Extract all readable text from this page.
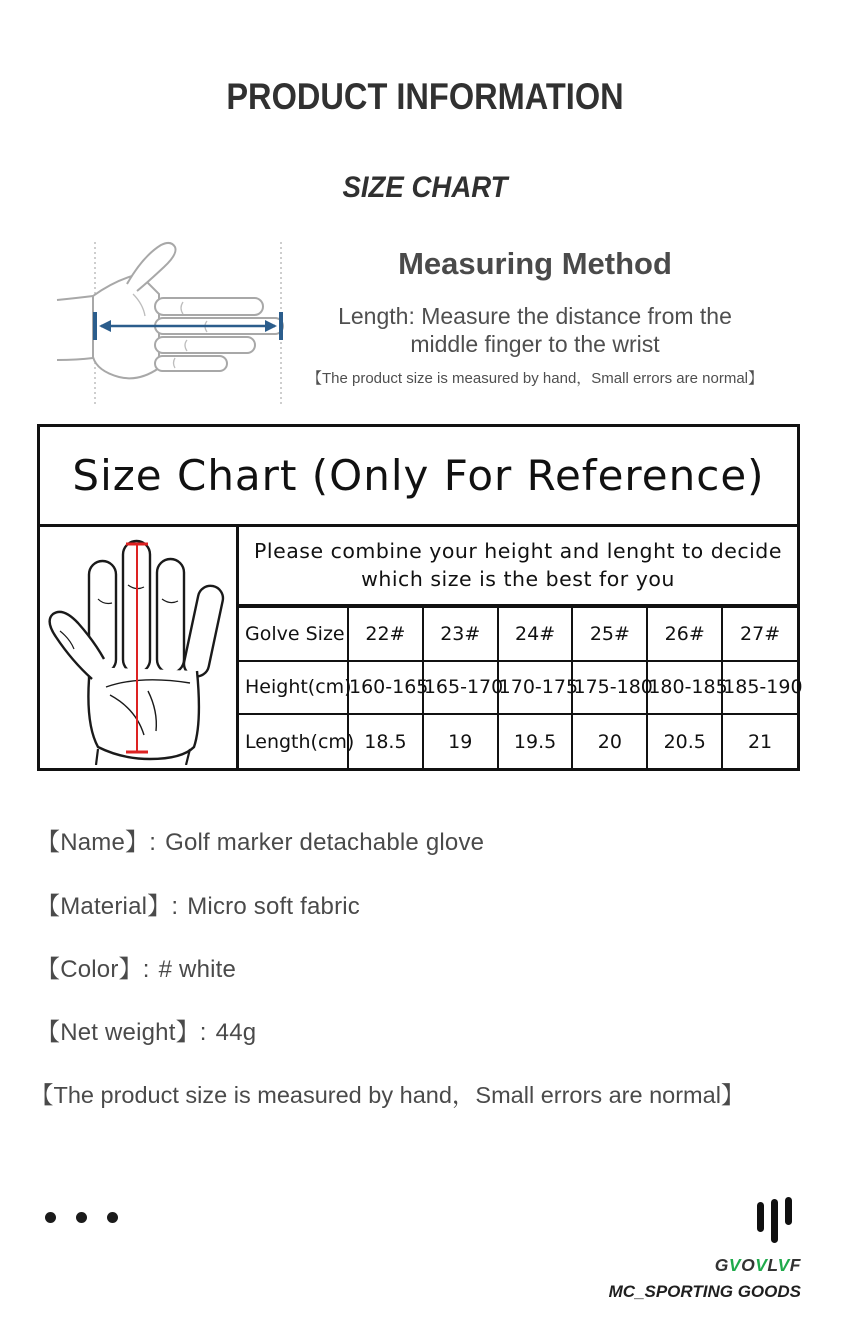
PRODUCT INFORMATION
SIZE CHART
Measuring Method
Length: Measure the distance from the
middle finger to the wrist
【The product size is measured by hand，Small errors are normal】
Size Chart (Only For Reference)
Please combine your height and lenght to decide
which size is the best for you
Golve Size	22#	23#	24#	25#	26#	27#
Height(cm)	160-165	165-170	170-175	175-180	180-185	185-190
Length(cm)	18.5	19	19.5	20	20.5	21
【Name】: Golf marker detachable glove
【Material】: Micro soft fabric
【Color】: # white
【Net weight】: 44g
【The product size is measured by hand，Small errors are normal】
GVOVLVF
MC_SPORTING GOODS
